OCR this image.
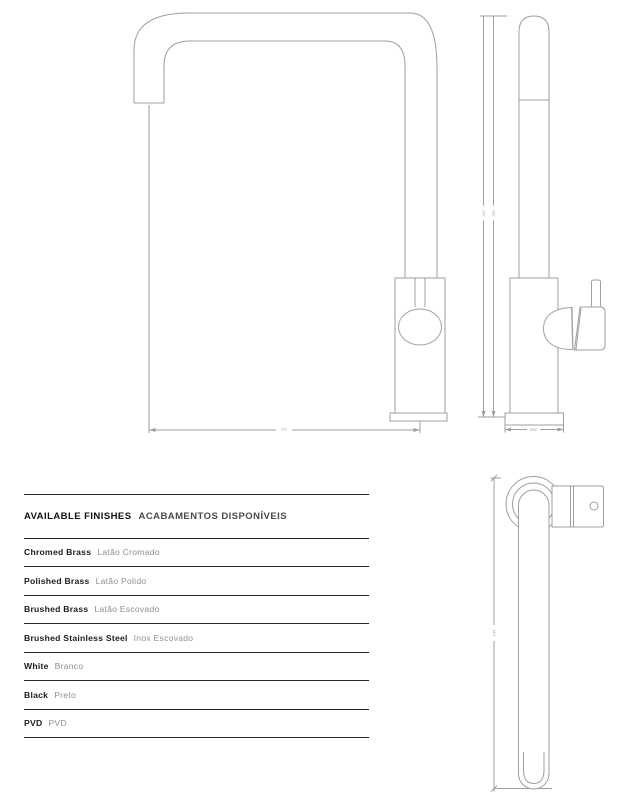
220
397 360
Ø50
246
AVAILABLE FINISHES ACABAMENTOS DISPONÍVEIS
Chromed Brass Latão Cromado
Polished Brass Latão Polido
Brushed Brass Latão Escovado
Brushed Stainless Steel Inox Escovado
White Branco
Black Preto
PVD PVD
